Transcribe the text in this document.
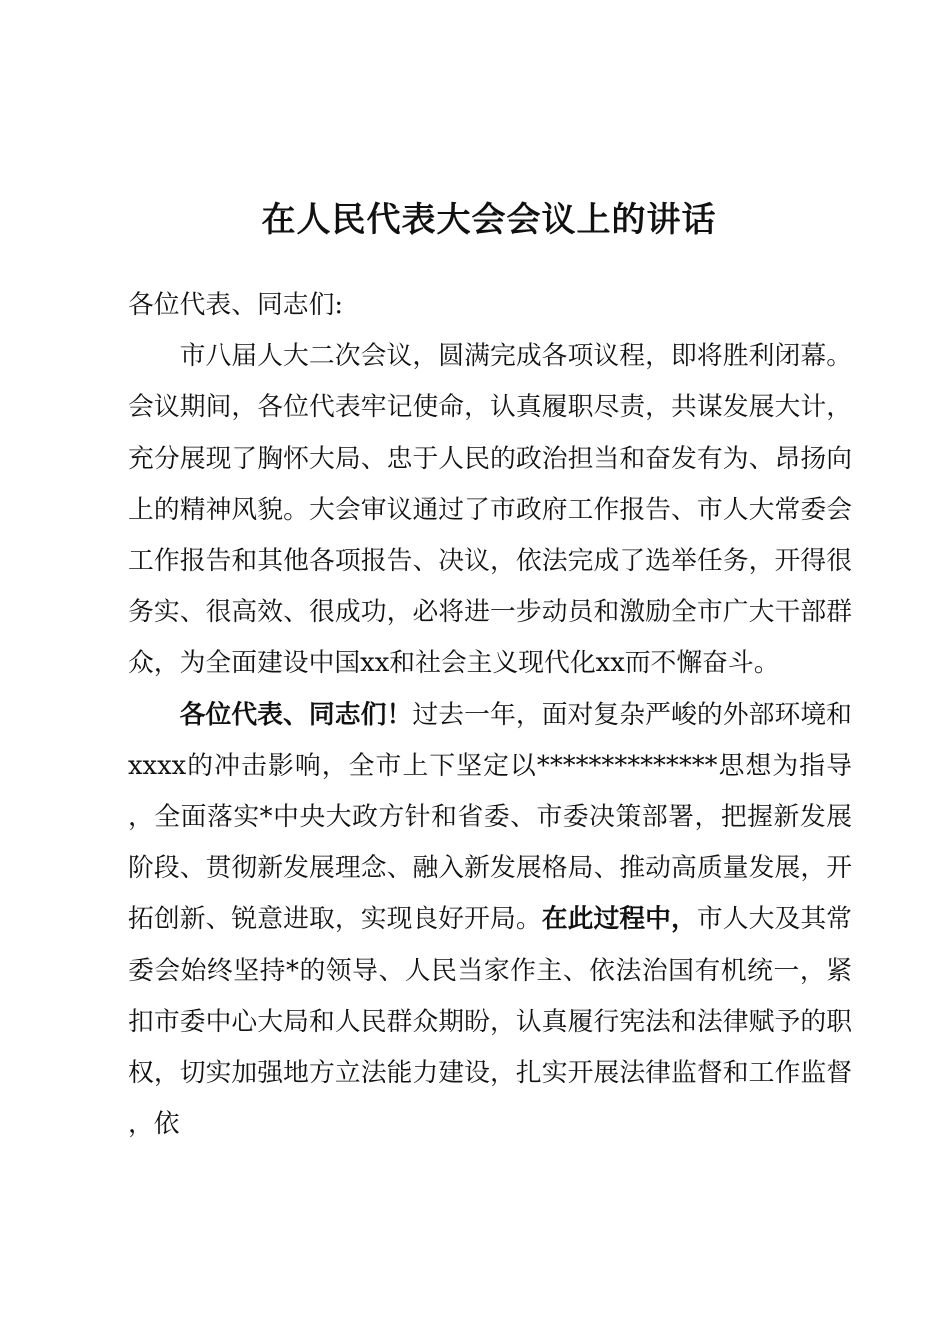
在人民代表大会会议上的讲话

各位代表、同志们:

市八届人大二次会议，圆满完成各项议程，即将胜利闭幕。会议期间，各位代表牢记使命，认真履职尽责，共谋发展大计，充分展现了胸怀大局、忠于人民的政治担当和奋发有为、昂扬向上的精神风貌。大会审议通过了市政府工作报告、市人大常委会工作报告和其他各项报告、决议，依法完成了选举任务，开得很务实、很高效、很成功，必将进一步动员和激励全市广大干部群众，为全面建设中国xx和社会主义现代化xx而不懈奋斗。

各位代表、同志们！过去一年，面对复杂严峻的外部环境和xxxx的冲击影响，全市上下坚定以**************思想为指导，全面落实*中央大政方针和省委、市委决策部署，把握新发展阶段、贯彻新发展理念、融入新发展格局、推动高质量发展，开拓创新、锐意进取，实现良好开局。在此过程中，市人大及其常委会始终坚持*的领导、人民当家作主、依法治国有机统一，紧扣市委中心大局和人民群众期盼，认真履行宪法和法律赋予的职权，切实加强地方立法能力建设，扎实开展法律监督和工作监督，依
